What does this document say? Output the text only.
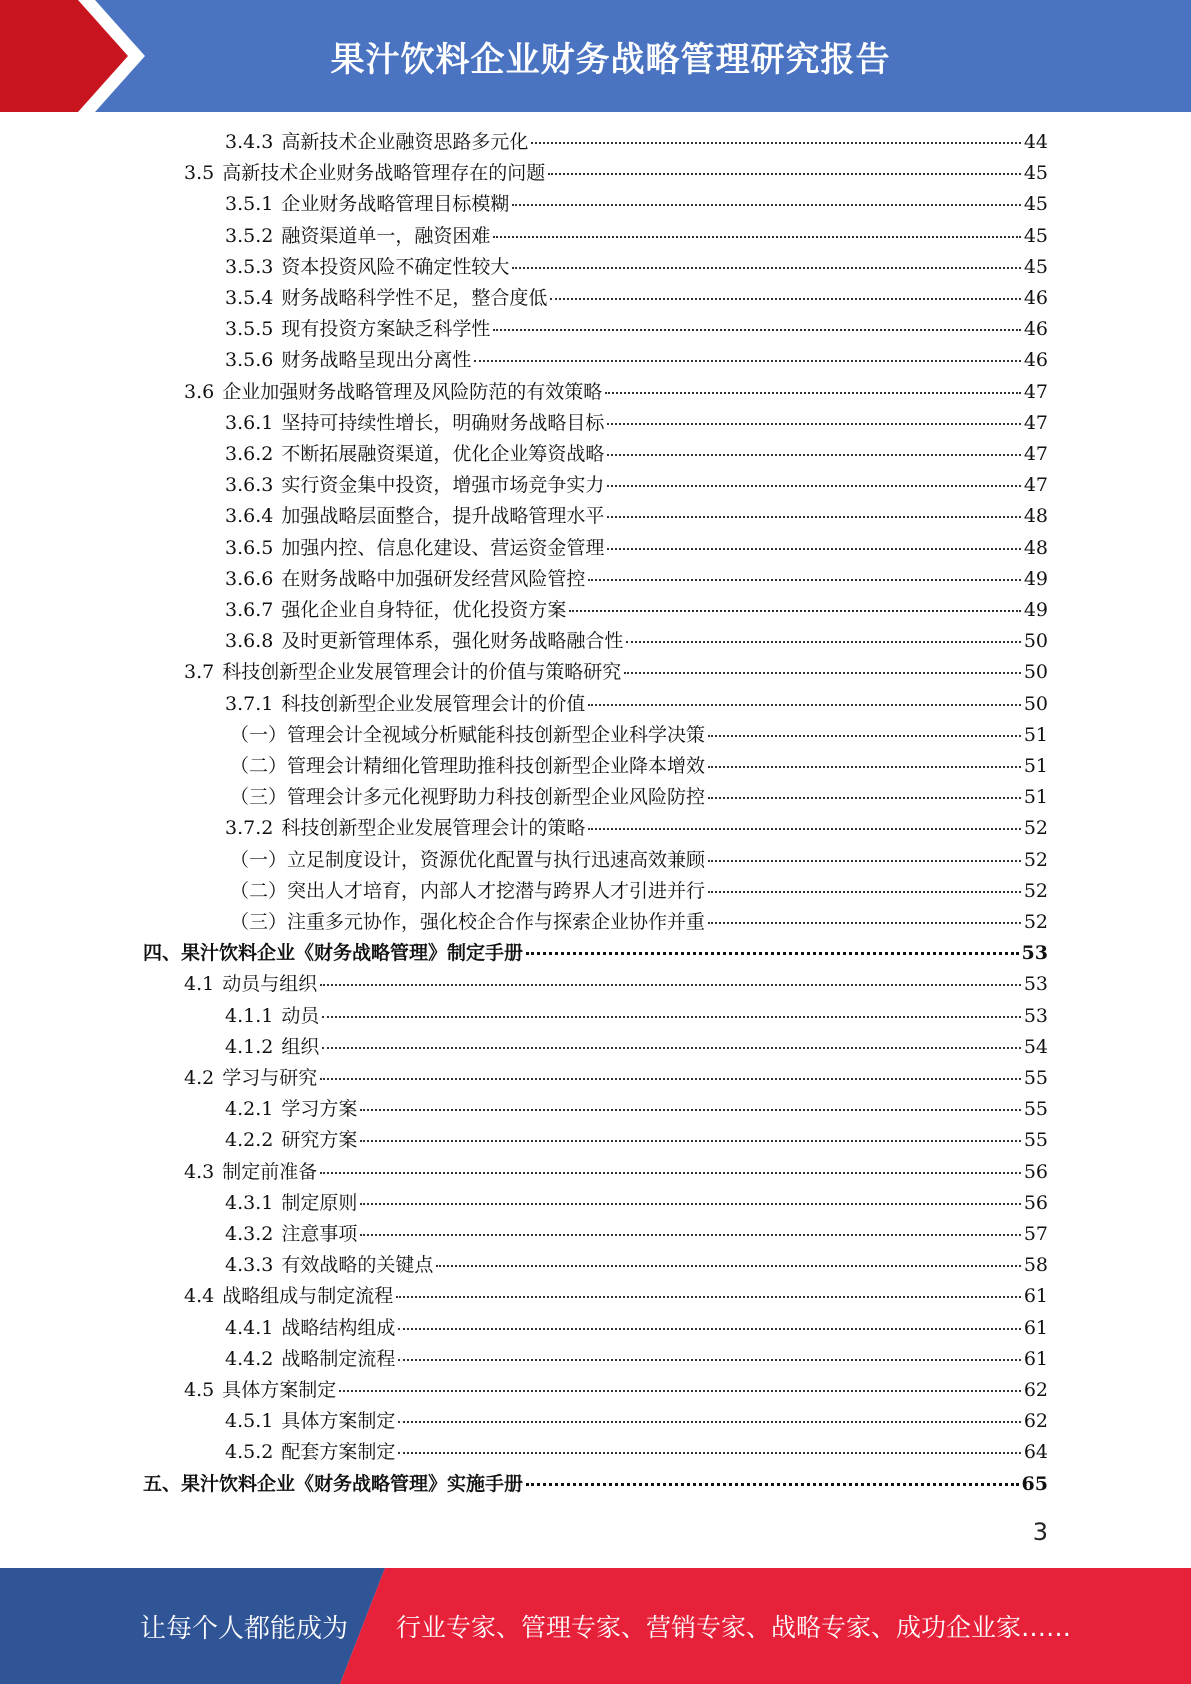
果汁饮料企业财务战略管理研究报告
3.4.3 高新技术企业融资思路多元化	44
3.5 高新技术企业财务战略管理存在的问题	45
3.5.1 企业财务战略管理目标模糊	45
3.5.2 融资渠道单一，融资困难	45
3.5.3 资本投资风险不确定性较大	45
3.5.4 财务战略科学性不足，整合度低	46
3.5.5 现有投资方案缺乏科学性	46
3.5.6 财务战略呈现出分离性	46
3.6 企业加强财务战略管理及风险防范的有效策略	47
3.6.1 坚持可持续性增长，明确财务战略目标	47
3.6.2 不断拓展融资渠道，优化企业筹资战略	47
3.6.3 实行资金集中投资，增强市场竞争实力	47
3.6.4 加强战略层面整合，提升战略管理水平	48
3.6.5 加强内控、信息化建设、营运资金管理	48
3.6.6 在财务战略中加强研发经营风险管控	49
3.6.7 强化企业自身特征，优化投资方案	49
3.6.8 及时更新管理体系，强化财务战略融合性	50
3.7 科技创新型企业发展管理会计的价值与策略研究	50
3.7.1 科技创新型企业发展管理会计的价值	50
（一）管理会计全视域分析赋能科技创新型企业科学决策	51
（二）管理会计精细化管理助推科技创新型企业降本增效	51
（三）管理会计多元化视野助力科技创新型企业风险防控	51
3.7.2 科技创新型企业发展管理会计的策略	52
（一）立足制度设计，资源优化配置与执行迅速高效兼顾	52
（二）突出人才培育，内部人才挖潜与跨界人才引进并行	52
（三）注重多元协作，强化校企合作与探索企业协作并重	52
四、果汁饮料企业《财务战略管理》制定手册	53
4.1 动员与组织	53
4.1.1 动员	53
4.1.2 组织	54
4.2 学习与研究	55
4.2.1 学习方案	55
4.2.2 研究方案	55
4.3 制定前准备	56
4.3.1 制定原则	56
4.3.2 注意事项	57
4.3.3 有效战略的关键点	58
4.4 战略组成与制定流程	61
4.4.1 战略结构组成	61
4.4.2 战略制定流程	61
4.5 具体方案制定	62
4.5.1 具体方案制定	62
4.5.2 配套方案制定	64
五、果汁饮料企业《财务战略管理》实施手册	65
3
让每个人都能成为 行业专家、管理专家、营销专家、战略专家、成功企业家……
